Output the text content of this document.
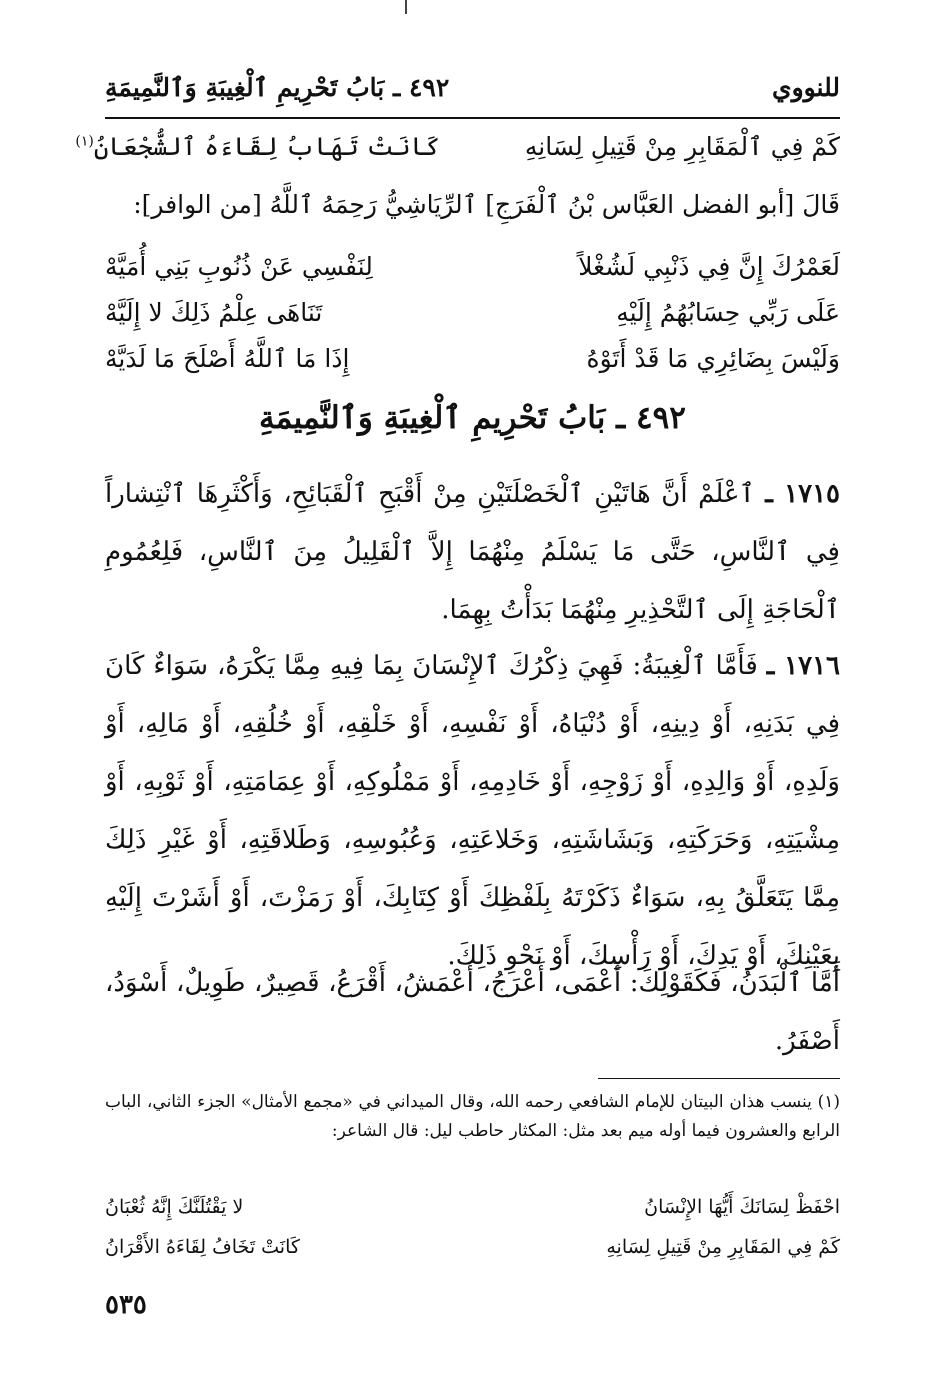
للنووي
٤٩٢ ـ بَابُ تَحْرِيمِ ٱلْغِيبَةِ وَٱلنَّمِيمَةِ
كَمْ فِي ٱلْمَقَابِرِ مِنْ قَتِيلِ لِسَانِهِ
كَانَتْ تَهَابُ لِقَاءَهُ ٱلشُّجْعَانُ$^{(١)}$
قَالَ [أبو الفضل العَبَّاس بْنُ ٱلْفَرَجِ] ٱلرِّيَاشِيُّ رَحِمَهُ ٱللَّهُ [من الوافر]:
لَعَمْرُكَ إِنَّ فِي ذَنْبِي لَشُغْلاً
لِنَفْسِي عَنْ ذُنُوبِ بَنِي أُمَيَّهْ
عَلَى رَبِّي حِسَابُهُمُ إِلَيْهِ
تَنَاهَى عِلْمُ ذَلِكَ لا إِلَيَّهْ
وَلَيْسَ بِضَائِرِي مَا قَدْ أَتَوْهُ
إِذَا مَا ٱللَّهُ أَصْلَحَ مَا لَدَيَّهْ
٤٩٢ ـ بَابُ تَحْرِيمِ ٱلْغِيبَةِ وَٱلنَّمِيمَةِ
١٧١٥ ـ ٱعْلَمْ أَنَّ هَاتَيْنِ ٱلْخَصْلَتَيْنِ مِنْ أَقْبَحِ ٱلْقَبَائِحِ، وَأَكْثَرِهَا ٱنْتِشاراً فِي ٱلنَّاسِ، حَتَّى مَا يَسْلَمُ مِنْهُمَا إِلاَّ ٱلْقَلِيلُ مِنَ ٱلنَّاسِ، فَلِعُمُومِ ٱلْحَاجَةِ إِلَى ٱلتَّحْذِيرِ مِنْهُمَا بَدَأْتُ بِهِمَا.
١٧١٦ ـ فَأَمَّا ٱلْغِيبَةُ: فَهِيَ ذِكْرُكَ ٱلإِنْسَانَ بِمَا فِيهِ مِمَّا يَكْرَهُ، سَوَاءٌ كَانَ فِي بَدَنِهِ، أَوْ دِينِهِ، أَوْ دُنْيَاهُ، أَوْ نَفْسِهِ، أَوْ خَلْقِهِ، أَوْ خُلُقِهِ، أَوْ مَالِهِ، أَوْ وَلَدِهِ، أَوْ وَالِدِهِ، أَوْ زَوْجِهِ، أَوْ خَادِمِهِ، أَوْ مَمْلُوكِهِ، أَوْ عِمَامَتِهِ، أَوْ ثَوْبِهِ، أَوْ مِشْيَتِهِ، وَحَرَكَتِهِ، وَبَشَاشَتِهِ، وَخَلاعَتِهِ، وَعُبُوسِهِ، وَطَلاقَتِهِ، أَوْ غَيْرِ ذَلِكَ مِمَّا يَتَعَلَّقُ بِهِ، سَوَاءٌ ذَكَرْتَهُ بِلَفْظِكَ أَوْ كِتَابِكَ، أَوْ رَمَزْتَ، أَوْ أَشَرْتَ إِلَيْهِ بِعَيْنِكَ، أَوْ يَدِكَ، أَوْ رَأْسِكَ، أَوْ نَحْوِ ذَلِكَ.
أَمَّا ٱلْبَدَنُ، فَكَقَوْلِكَ: أَعْمَى، أَعْرَجُ، أَعْمَشُ، أَقْرَعُ، قَصِيرٌ، طَوِيلٌ، أَسْوَدُ، أَصْفَرُ.
(١) ينسب هذان البيتان للإمام الشافعي رحمه الله، وقال الميداني في «مجمع الأمثال» الجزء الثاني، الباب الرابع والعشرون فيما أوله ميم بعد مثل: المكثار حاطب ليل: قال الشاعر:
احْفَظْ لِسَانَكَ أَيُّهَا الإِنْسَانُ
لا يَقْتُلَنَّكَ إِنَّهُ ثُعْبَانُ
كَمْ فِي المَقَابِرِ مِنْ قَتِيلِ لِسَانِهِ
كَانَتْ تَخَافُ لِقَاءَهُ الأَقْرَانُ
٥٣٥
